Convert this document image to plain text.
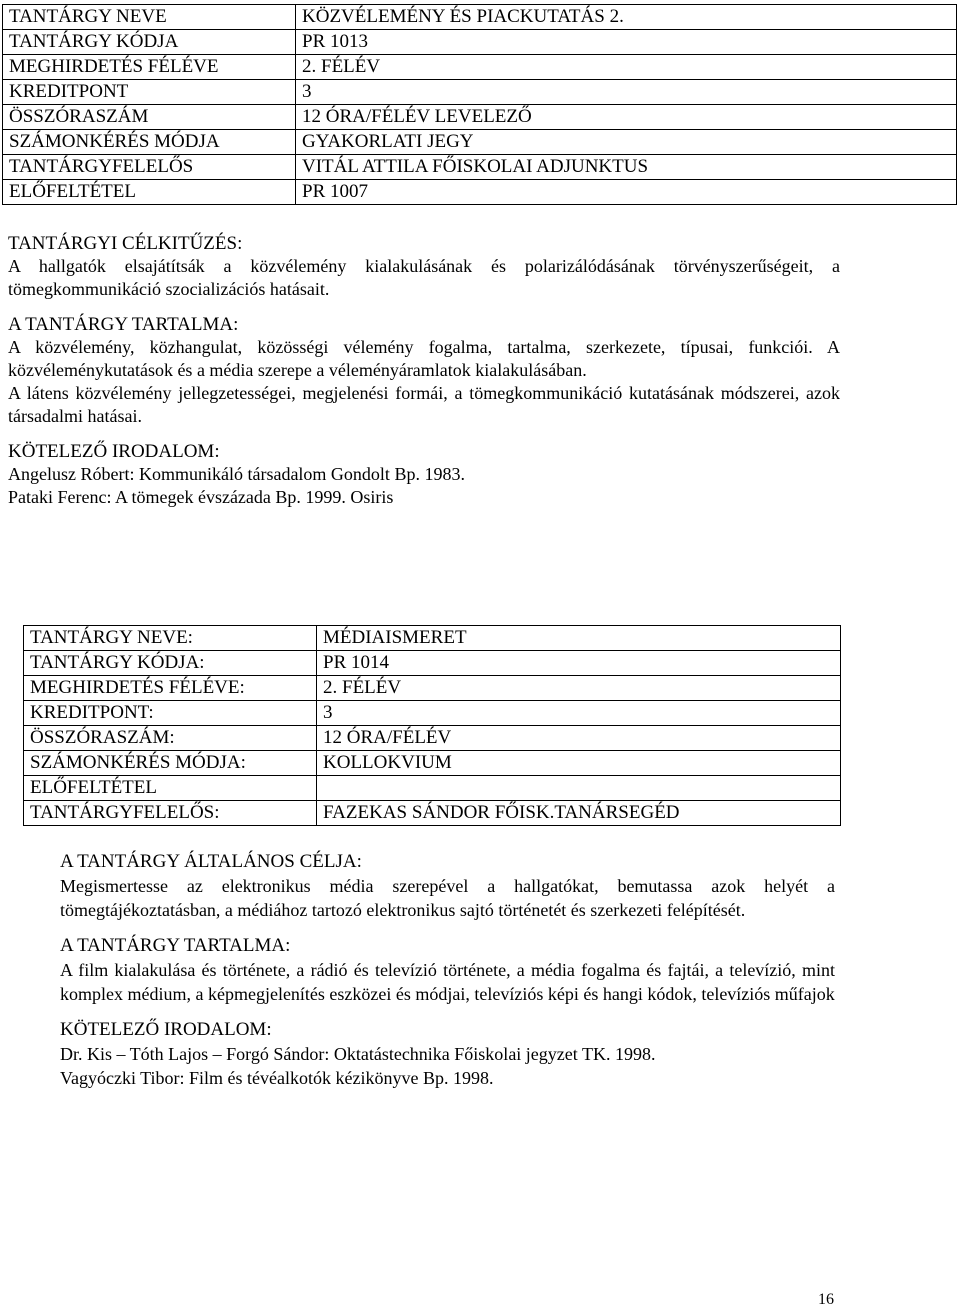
TANTÁRGY NEVE	KÖZVÉLEMÉNY ÉS PIACKUTATÁS 2.
TANTÁRGY KÓDJA	PR 1013
MEGHIRDETÉS FÉLÉVE	2. FÉLÉV
KREDITPONT	3
ÖSSZÓRASZÁM	12 ÓRA/FÉLÉV LEVELEZŐ
SZÁMONKÉRÉS MÓDJA	GYAKORLATI JEGY
TANTÁRGYFELELŐS	VITÁL ATTILA FŐISKOLAI ADJUNKTUS
ELŐFELTÉTEL	PR 1007

TANTÁRGYI CÉLKITŰZÉS:

A hallgatók elsajátítsák a közvélemény kialakulásának és polarizálódásának törvényszerűségeit, a tömegkommunikáció szocializációs hatásait.

A TANTÁRGY TARTALMA:

A közvélemény, közhangulat, közösségi vélemény fogalma, tartalma, szerkezete, típusai, funkciói. A közvéleménykutatások és a média szerepe a véleményáramlatok kialakulásában.

A látens közvélemény jellegzetességei, megjelenési formái, a tömegkommunikáció kutatásának módszerei, azok társadalmi hatásai.

KÖTELEZŐ IRODALOM:

Angelusz Róbert: Kommunikáló társadalom Gondolt Bp. 1983.

Pataki Ferenc: A tömegek évszázada Bp. 1999. Osiris

TANTÁRGY NEVE:	MÉDIAISMERET
TANTÁRGY KÓDJA:	PR 1014
MEGHIRDETÉS FÉLÉVE:	2. FÉLÉV
KREDITPONT:	3
ÖSSZÓRASZÁM:	12 ÓRA/FÉLÉV
SZÁMONKÉRÉS MÓDJA:	KOLLOKVIUM
ELŐFELTÉTEL	
TANTÁRGYFELELŐS:	FAZEKAS SÁNDOR FŐISK.TANÁRSEGÉD

A TANTÁRGY ÁLTALÁNOS CÉLJA:

Megismertesse az elektronikus média szerepével a hallgatókat, bemutassa azok helyét a tömegtájékoztatásban, a médiához tartozó elektronikus sajtó történetét és szerkezeti felépítését.

A TANTÁRGY TARTALMA:

A film kialakulása és története, a rádió és televízió története, a média fogalma és fajtái, a televízió, mint komplex médium, a képmegjelenítés eszközei és módjai, televíziós képi és hangi kódok, televíziós műfajok

KÖTELEZŐ IRODALOM:

Dr. Kis – Tóth Lajos – Forgó Sándor: Oktatástechnika Főiskolai jegyzet TK. 1998.

Vagyóczki Tibor: Film és tévéalkotók kézikönyve Bp. 1998.

16
